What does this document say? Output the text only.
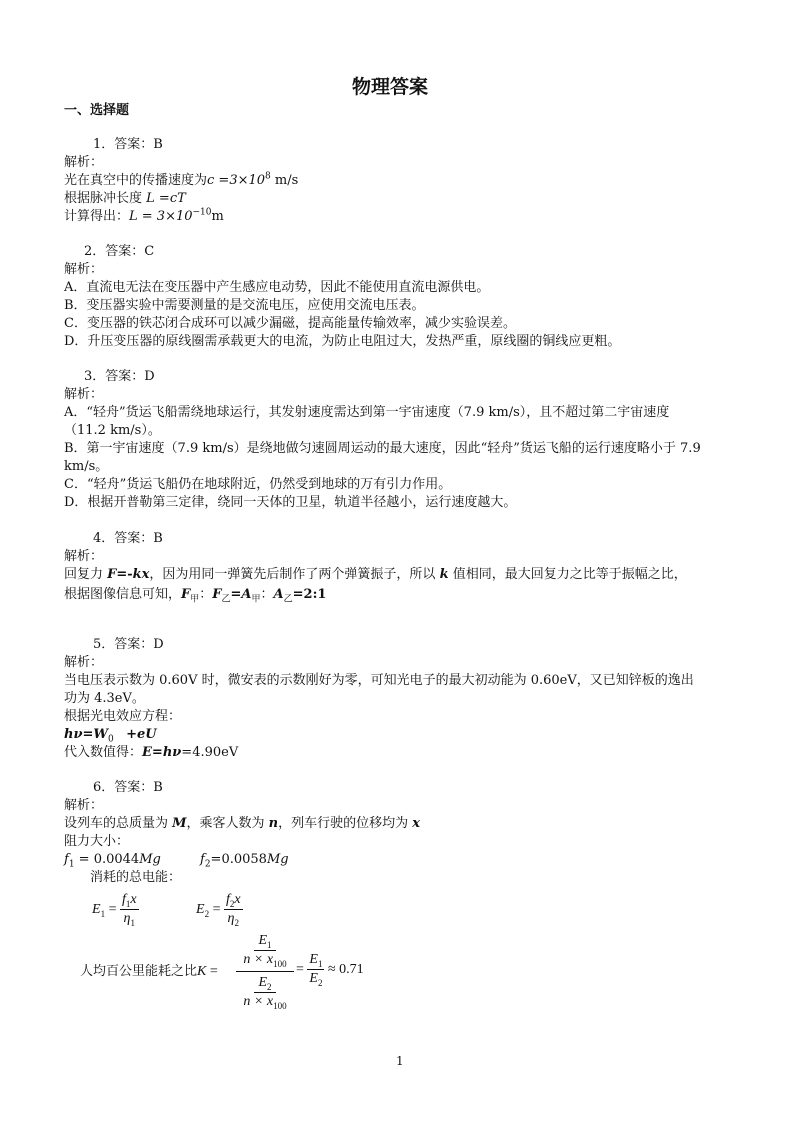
物理答案
一、选择题
1．答案：B
解析：
光在真空中的传播速度为$c =3\times 10^8$ m/s
根据脉冲长度 L =cT
计算得出：$L = 3\times 10^{-10}m$
2．答案：C
解析：
A．直流电无法在变压器中产生感应电动势，因此不能使用直流电源供电。
B．变压器实验中需要测量的是交流电压，应使用交流电压表。
C．变压器的铁芯闭合成环可以减少漏磁，提高能量传输效率，减少实验误差。
D．升压变压器的原线圈需承载更大的电流，为防止电阻过大，发热严重，原线圈的铜线应更粗。
3．答案：D
解析：
A．“轻舟”货运飞船需绕地球运行，其发射速度需达到第一宇宙速度（7.9 km/s），且不超过第二宇宙速度
（11.2 km/s）。
B．第一宇宙速度（7.9 km/s）是绕地做匀速圆周运动的最大速度，因此“轻舟”货运飞船的运行速度略小于 7.9
km/s。
C．“轻舟”货运飞船仍在地球附近，仍然受到地球的万有引力作用。
D．根据开普勒第三定律，绕同一天体的卫星，轨道半径越小，运行速度越大。
4．答案：B
解析：
回复力 F=-kx，因为用同一弹簧先后制作了两个弹簧振子，所以 k 值相同，最大回复力之比等于振幅之比，
根据图像信息可知，$F_甲$：$F_乙=A_甲$：$A_乙=2:1$
5．答案：D
解析：
当电压表示数为 0.60V 时，微安表的示数刚好为零，可知光电子的最大初动能为 0.60eV，又已知锌板的逸出
功为 4.3eV。
根据光电效应方程：
$h\nu=W_0 +eU$
代入数值得：E=hν=4.90eV
6．答案：B
解析：
设列车的总质量为 M，乘客人数为 n，列车行驶的位移均为 x
阻力大小：
$f_1 = 0.0044Mg$	$f_2=0.0058Mg$
消耗的总电能：
$E_1 = \frac{f_1x}{\eta_1}$	$E_2 = \frac{f_2x}{\eta_2}$
人均百公里能耗之比K =
$E_1$
$n \times x_{100}$
$E_2$
$n \times x_{100}$
= $\frac{E_1}{E_2} \approx 0.71$
1
